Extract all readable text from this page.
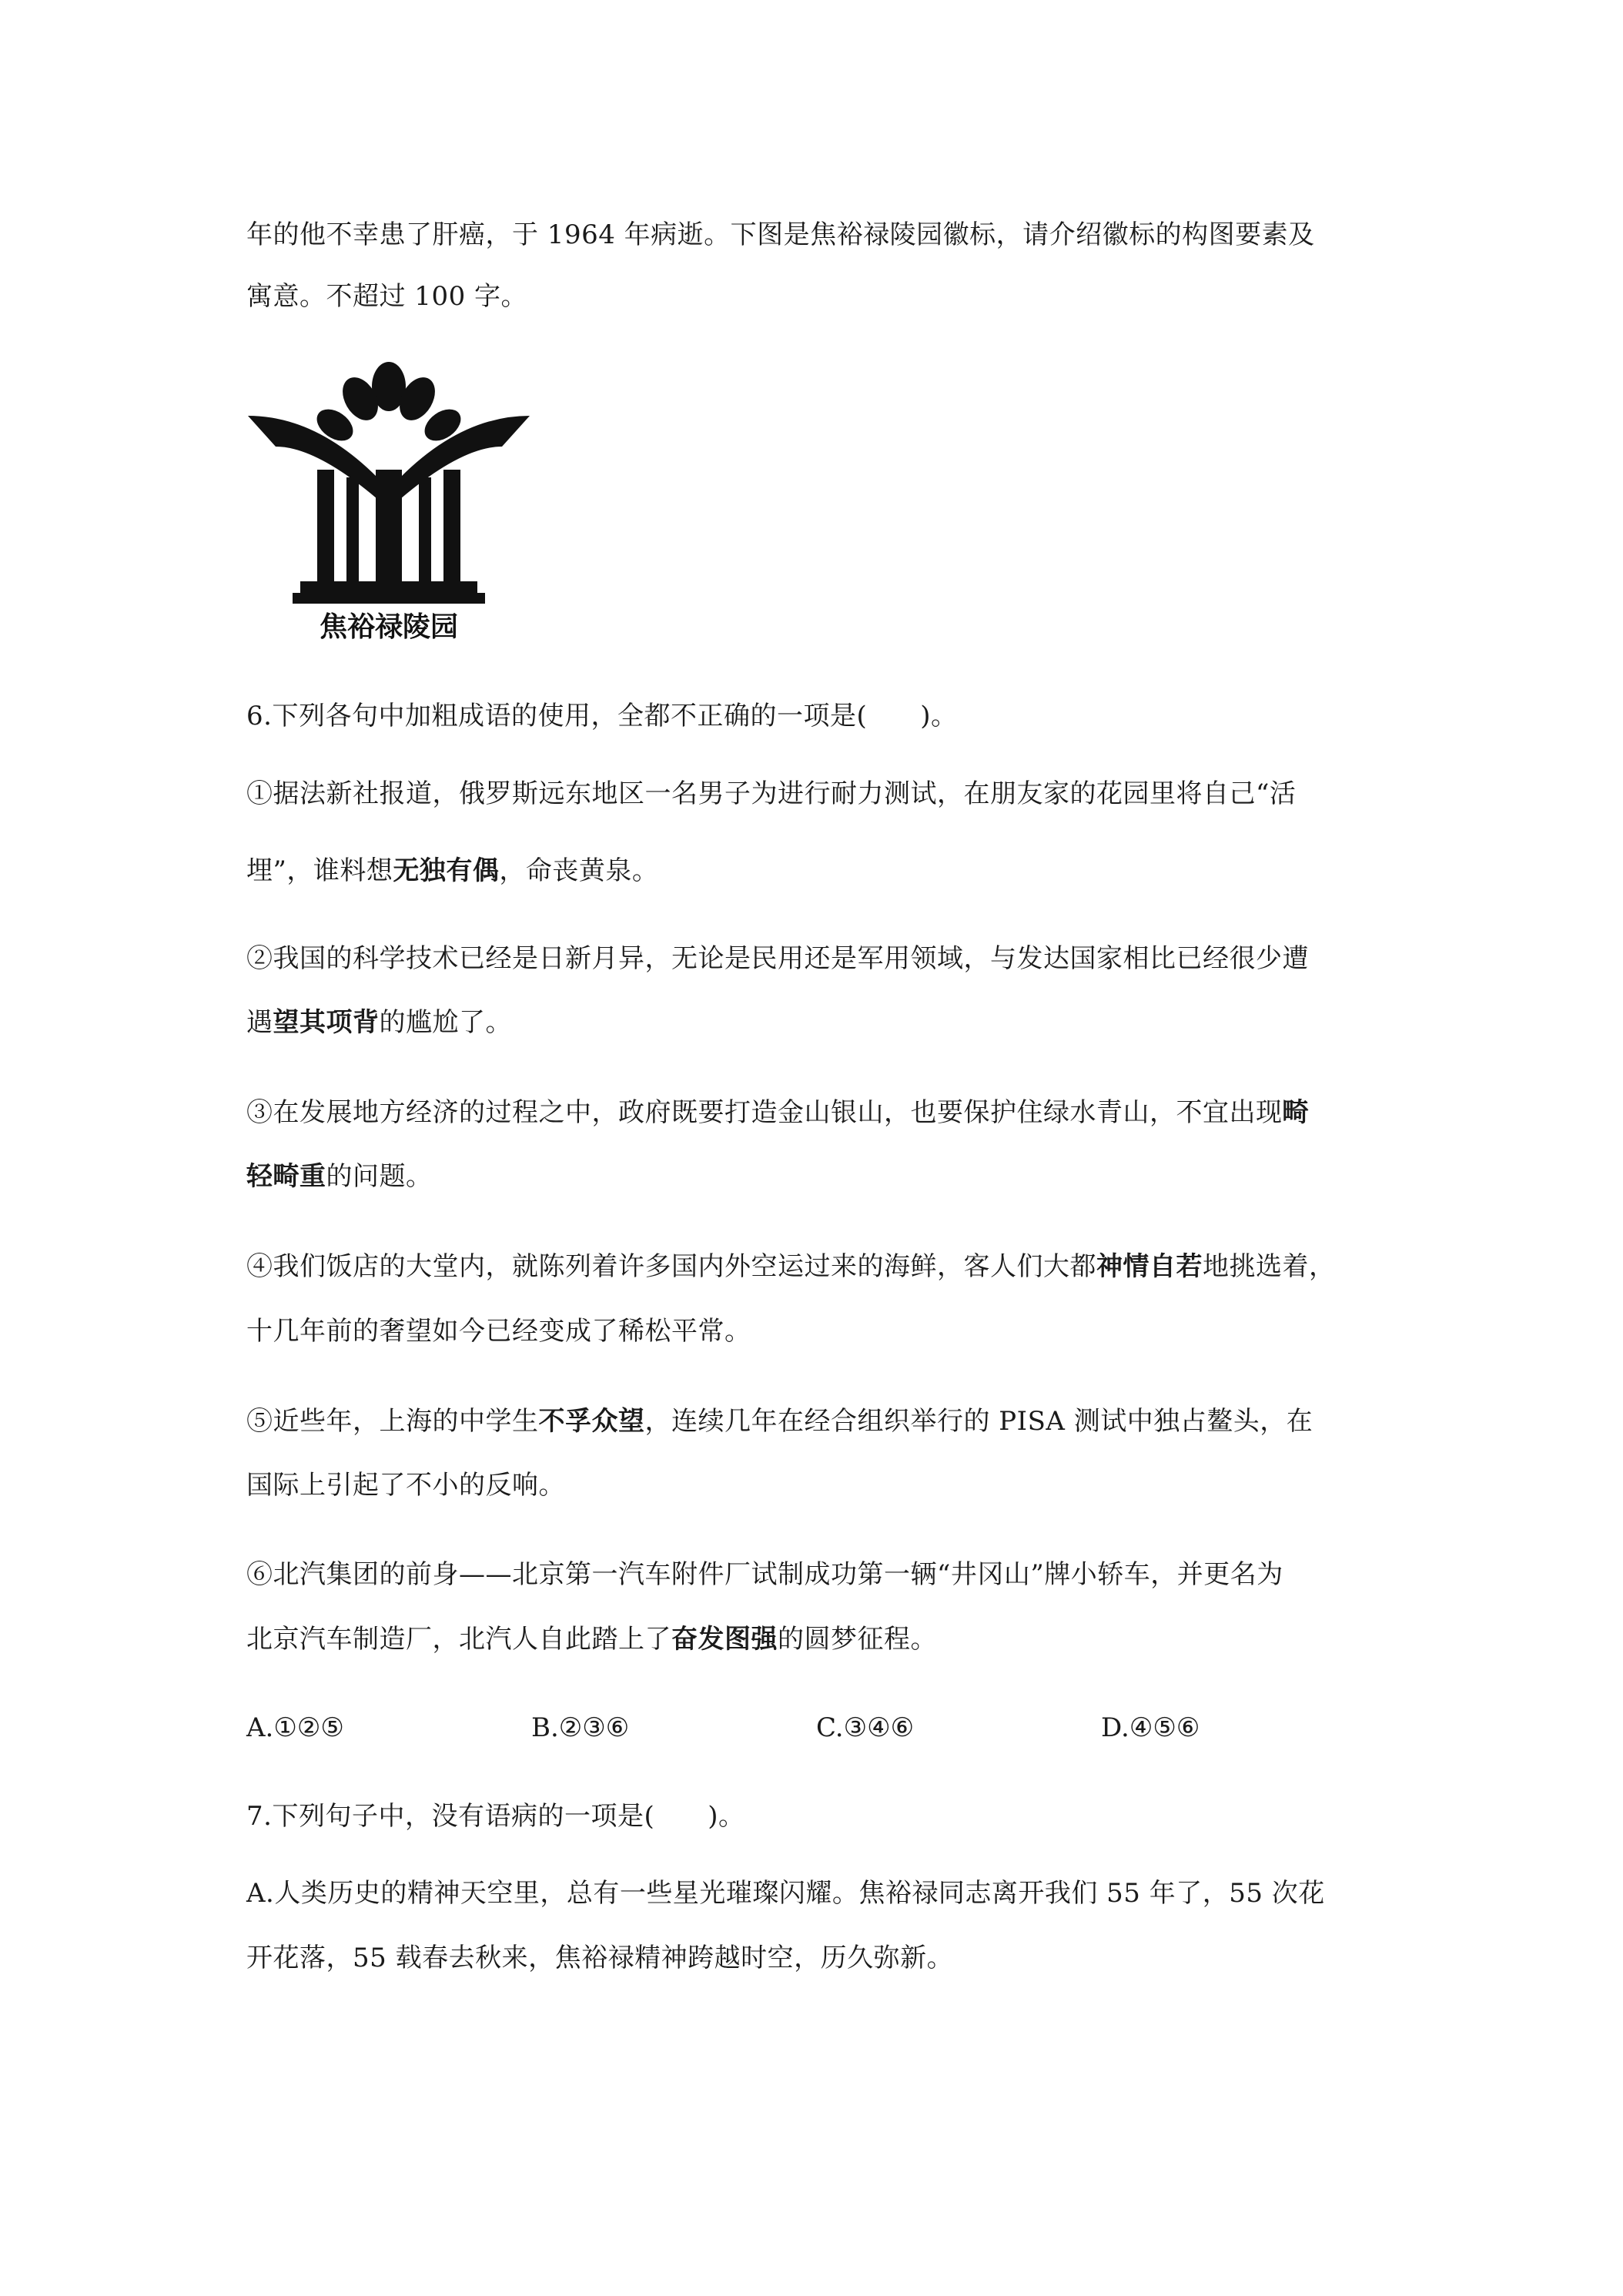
年的他不幸患了肝癌，于 1964 年病逝。下图是焦裕禄陵园徽标，请介绍徽标的构图要素及
寓意。不超过 100 字。
焦裕禄陵园
6.下列各句中加粗成语的使用，全都不正确的一项是(　　)。
①据法新社报道，俄罗斯远东地区一名男子为进行耐力测试，在朋友家的花园里将自己“活
埋”，谁料想无独有偶，命丧黄泉。
②我国的科学技术已经是日新月异，无论是民用还是军用领域，与发达国家相比已经很少遭
遇望其项背的尴尬了。
③在发展地方经济的过程之中，政府既要打造金山银山，也要保护住绿水青山，不宜出现畸
轻畸重的问题。
④我们饭店的大堂内，就陈列着许多国内外空运过来的海鲜，客人们大都神情自若地挑选着，
十几年前的奢望如今已经变成了稀松平常。
⑤近些年，上海的中学生不孚众望，连续几年在经合组织举行的 PISA 测试中独占鳌头，在
国际上引起了不小的反响。
⑥北汽集团的前身——北京第一汽车附件厂试制成功第一辆“井冈山”牌小轿车，并更名为
北京汽车制造厂，北汽人自此踏上了奋发图强的圆梦征程。
A.①②⑤	B.②③⑥	C.③④⑥	D.④⑤⑥
7.下列句子中，没有语病的一项是(　　)。
A.人类历史的精神天空里，总有一些星光璀璨闪耀。焦裕禄同志离开我们 55 年了，55 次花
开花落，55 载春去秋来，焦裕禄精神跨越时空，历久弥新。
